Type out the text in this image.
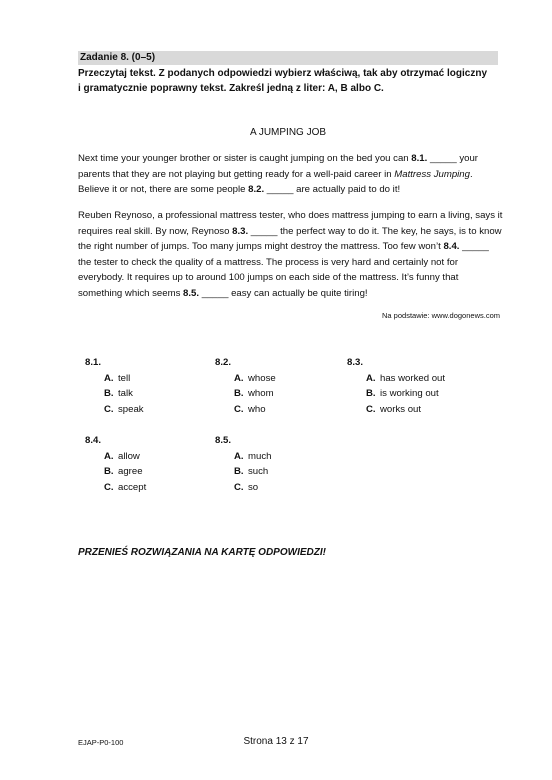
Zadanie 8. (0–5)
Przeczytaj tekst. Z podanych odpowiedzi wybierz właściwą, tak aby otrzymać logiczny
i gramatycznie poprawny tekst. Zakreśl jedną z liter: A, B albo C.
A JUMPING JOB

Next time your younger brother or sister is caught jumping on the bed you can 8.1. _____ your parents that they are not playing but getting ready for a well-paid career in Mattress Jumping. Believe it or not, there are some people 8.2. _____ are actually paid to do it!

Reuben Reynoso, a professional mattress tester, who does mattress jumping to earn a living, says it requires real skill. By now, Reynoso 8.3. _____ the perfect way to do it. The key, he says, is to know the right number of jumps. Too many jumps might destroy the mattress. Too few won’t 8.4. _____ the tester to check the quality of a mattress. The process is very hard and certainly not for everybody. It requires up to around 100 jumps on each side of the mattress. It’s funny that something which seems 8.5. _____ easy can actually be quite tiring!

Na podstawie: www.dogonews.com
8.1.
A. tell
B. talk
C. speak
8.2.
A. whose
B. whom
C. who
8.3.
A. has worked out
B. is working out
C. works out
8.4.
A. allow
B. agree
C. accept
8.5.
A. much
B. such
C. so
PRZENIEŚ ROZWIĄZANIA NA KARTĘ ODPOWIEDZI!
EJAP-P0-100	Strona 13 z 17
